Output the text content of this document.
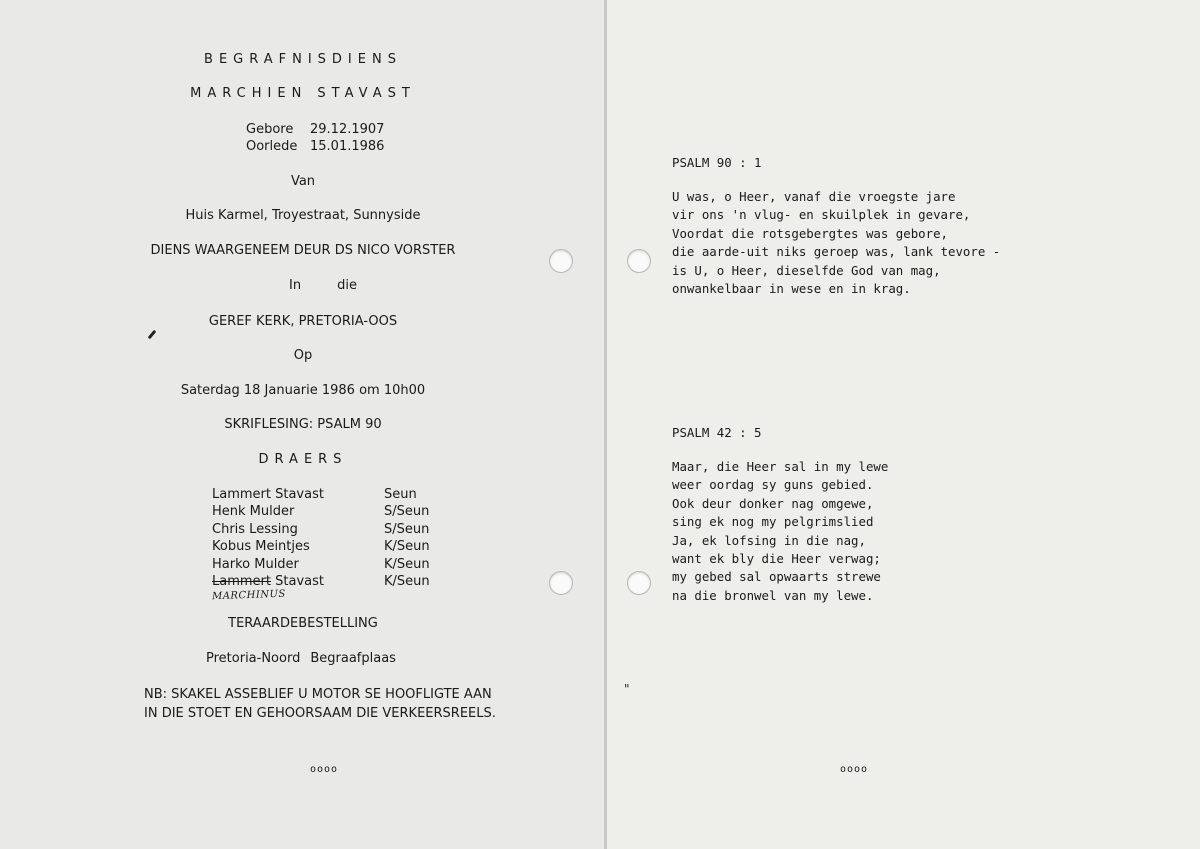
BEGRAFNISDIENS
MARCHIEN STAVAST
Gebore 29.12.1907
Oorlede 15.01.1986
Van
Huis Karmel, Troyestraat, Sunnyside
DIENS WAARGENEEM DEUR DS NICO VORSTER
In	die
GEREF KERK, PRETORIA-OOS
Op
Saterdag 18 Januarie 1986 om 10h00
SKRIFLESING: PSALM 90
DRAERS
Lammert Stavast	Seun
Henk Mulder	S/Seun
Chris Lessing	S/Seun
Kobus Meintjes	K/Seun
Harko Mulder	K/Seun
Lammert Stavast	K/Seun
MARCHINUS
TERAARDEBESTELLING
Pretoria-Noord Begraafplaas
NB: SKAKEL ASSEBLIEF U MOTOR SE HOOFLIGTE AAN
IN DIE STOET EN GEHOORSAAM DIE VERKEERSREELS.
oooo
PSALM 90 : 1
U was, o Heer, vanaf die vroegste jare
vir ons 'n vlug- en skuilplek in gevare,
Voordat die rotsgebergtes was gebore,
die aarde-uit niks geroep was, lank tevore -
is U, o Heer, dieselfde God van mag,
onwankelbaar in wese en in krag.
PSALM 42 : 5
Maar, die Heer sal in my lewe
weer oordag sy guns gebied.
Ook deur donker nag omgewe,
sing ek nog my pelgrimslied
Ja, ek lofsing in die nag,
want ek bly die Heer verwag;
my gebed sal opwaarts strewe
na die bronwel van my lewe.
"
oooo
